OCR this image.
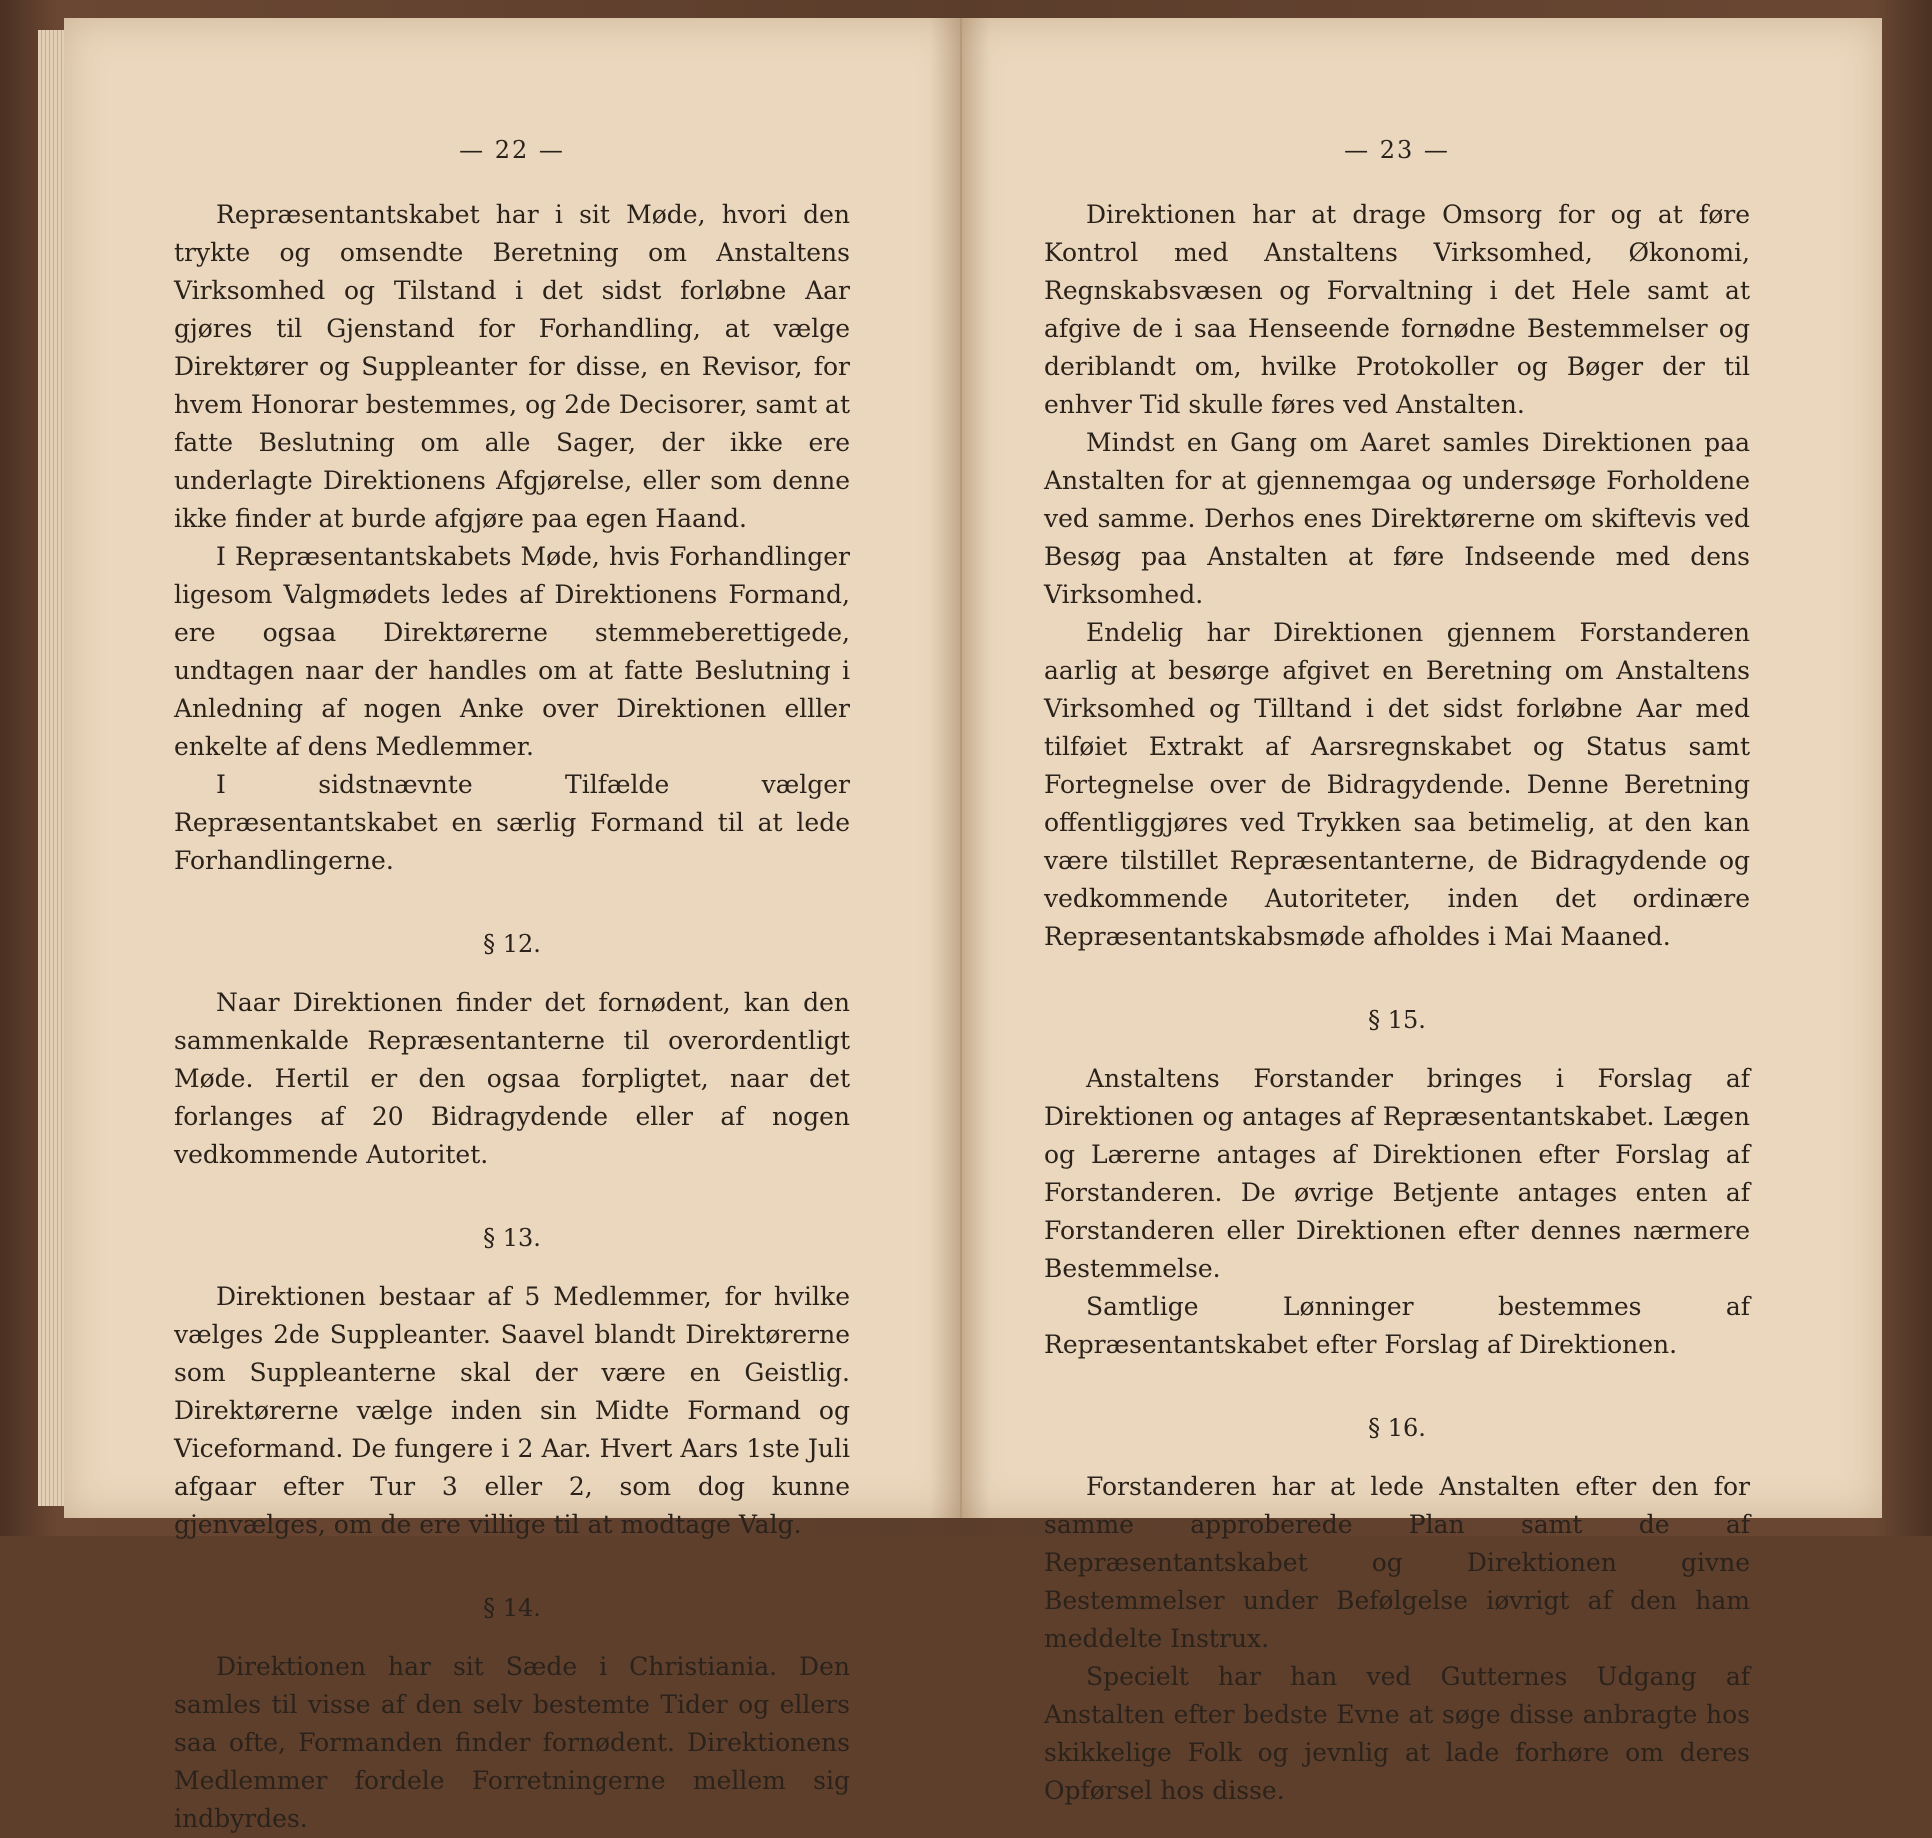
— 22 —

Repræsentantskabet har i sit Møde, hvori den trykte og omsendte Beretning om Anstaltens Virksomhed og Tilstand i det sidst forløbne Aar gjøres til Gjenstand for Forhandling, at vælge Direktører og Suppleanter for disse, en Revisor, for hvem Honorar bestemmes, og 2de Decisorer, samt at fatte Beslutning om alle Sager, der ikke ere underlagte Direktionens Afgjørelse, eller som denne ikke finder at burde afgjøre paa egen Haand.

I Repræsentantskabets Møde, hvis Forhandlinger ligesom Valgmødets ledes af Direktionens Formand, ere ogsaa Direktørerne stemmeberettigede, undtagen naar der handles om at fatte Beslutning i Anledning af nogen Anke over Direktionen elller enkelte af dens Medlemmer.

I sidstnævnte Tilfælde vælger Repræsentantskabet en særlig Formand til at lede Forhandlingerne.

§ 12.

Naar Direktionen finder det fornødent, kan den sammenkalde Repræsentanterne til overordentligt Møde. Hertil er den ogsaa forpligtet, naar det forlanges af 20 Bidragydende eller af nogen vedkommende Autoritet.

§ 13.

Direktionen bestaar af 5 Medlemmer, for hvilke vælges 2de Suppleanter. Saavel blandt Direktørerne som Suppleanterne skal der være en Geistlig. Direktørerne vælge inden sin Midte Formand og Viceformand. De fungere i 2 Aar. Hvert Aars 1ste Juli afgaar efter Tur 3 eller 2, som dog kunne gjenvælges, om de ere villige til at modtage Valg.

§ 14.

Direktionen har sit Sæde i Christiania. Den samles til visse af den selv bestemte Tider og ellers saa ofte, Formanden finder fornødent. Direktionens Medlemmer fordele Forretningerne mellem sig indbyrdes.

— 23 —

Direktionen har at drage Omsorg for og at føre Kontrol med Anstaltens Virksomhed, Økonomi, Regnskabsvæsen og Forvaltning i det Hele samt at afgive de i saa Henseende fornødne Bestemmelser og deriblandt om, hvilke Protokoller og Bøger der til enhver Tid skulle føres ved Anstalten.

Mindst en Gang om Aaret samles Direktionen paa Anstalten for at gjennemgaa og undersøge Forholdene ved samme. Derhos enes Direktørerne om skiftevis ved Besøg paa Anstalten at føre Indseende med dens Virksomhed.

Endelig har Direktionen gjennem Forstanderen aarlig at besørge afgivet en Beretning om Anstaltens Virksomhed og Tilltand i det sidst forløbne Aar med tilføiet Extrakt af Aarsregnskabet og Status samt Fortegnelse over de Bidragydende. Denne Beretning offentliggjøres ved Trykken saa betimelig, at den kan være tilstillet Repræsentanterne, de Bidragydende og vedkommende Autoriteter, inden det ordinære Repræsentantskabsmøde afholdes i Mai Maaned.

§ 15.

Anstaltens Forstander bringes i Forslag af Direktionen og antages af Repræsentantskabet. Lægen og Lærerne antages af Direktionen efter Forslag af Forstanderen. De øvrige Betjente antages enten af Forstanderen eller Direktionen efter dennes nærmere Bestemmelse.

Samtlige Lønninger bestemmes af Repræsentantskabet efter Forslag af Direktionen.

§ 16.

Forstanderen har at lede Anstalten efter den for samme approberede Plan samt de af Repræsentantskabet og Direktionen givne Bestemmelser under Befølgelse iøvrigt af den ham meddelte Instrux.

Specielt har han ved Gutternes Udgang af Anstalten efter bedste Evne at søge disse anbragte hos skikkelige Folk og jevnlig at lade forhøre om deres Opførsel hos disse.
